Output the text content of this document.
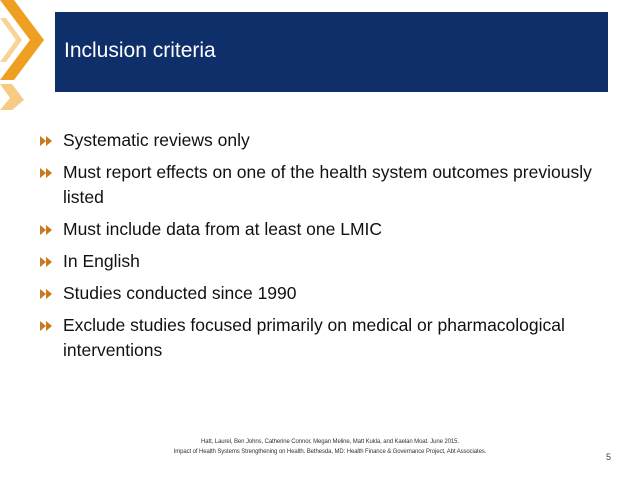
Inclusion criteria
Systematic reviews only
Must report effects on one of the health system outcomes previously listed
Must include data from at least one LMIC
In English
Studies conducted since 1990
Exclude studies focused primarily on medical or pharmacological interventions
Hatt, Laurel, Ben Johns, Catherine Connor, Megan Meline, Matt Kukla, and Kaelan Moat. June 2015.
Impact of Health Systems Strengthening on Health. Bethesda, MD: Health Finance & Governance Project, Abt Associates.	5
